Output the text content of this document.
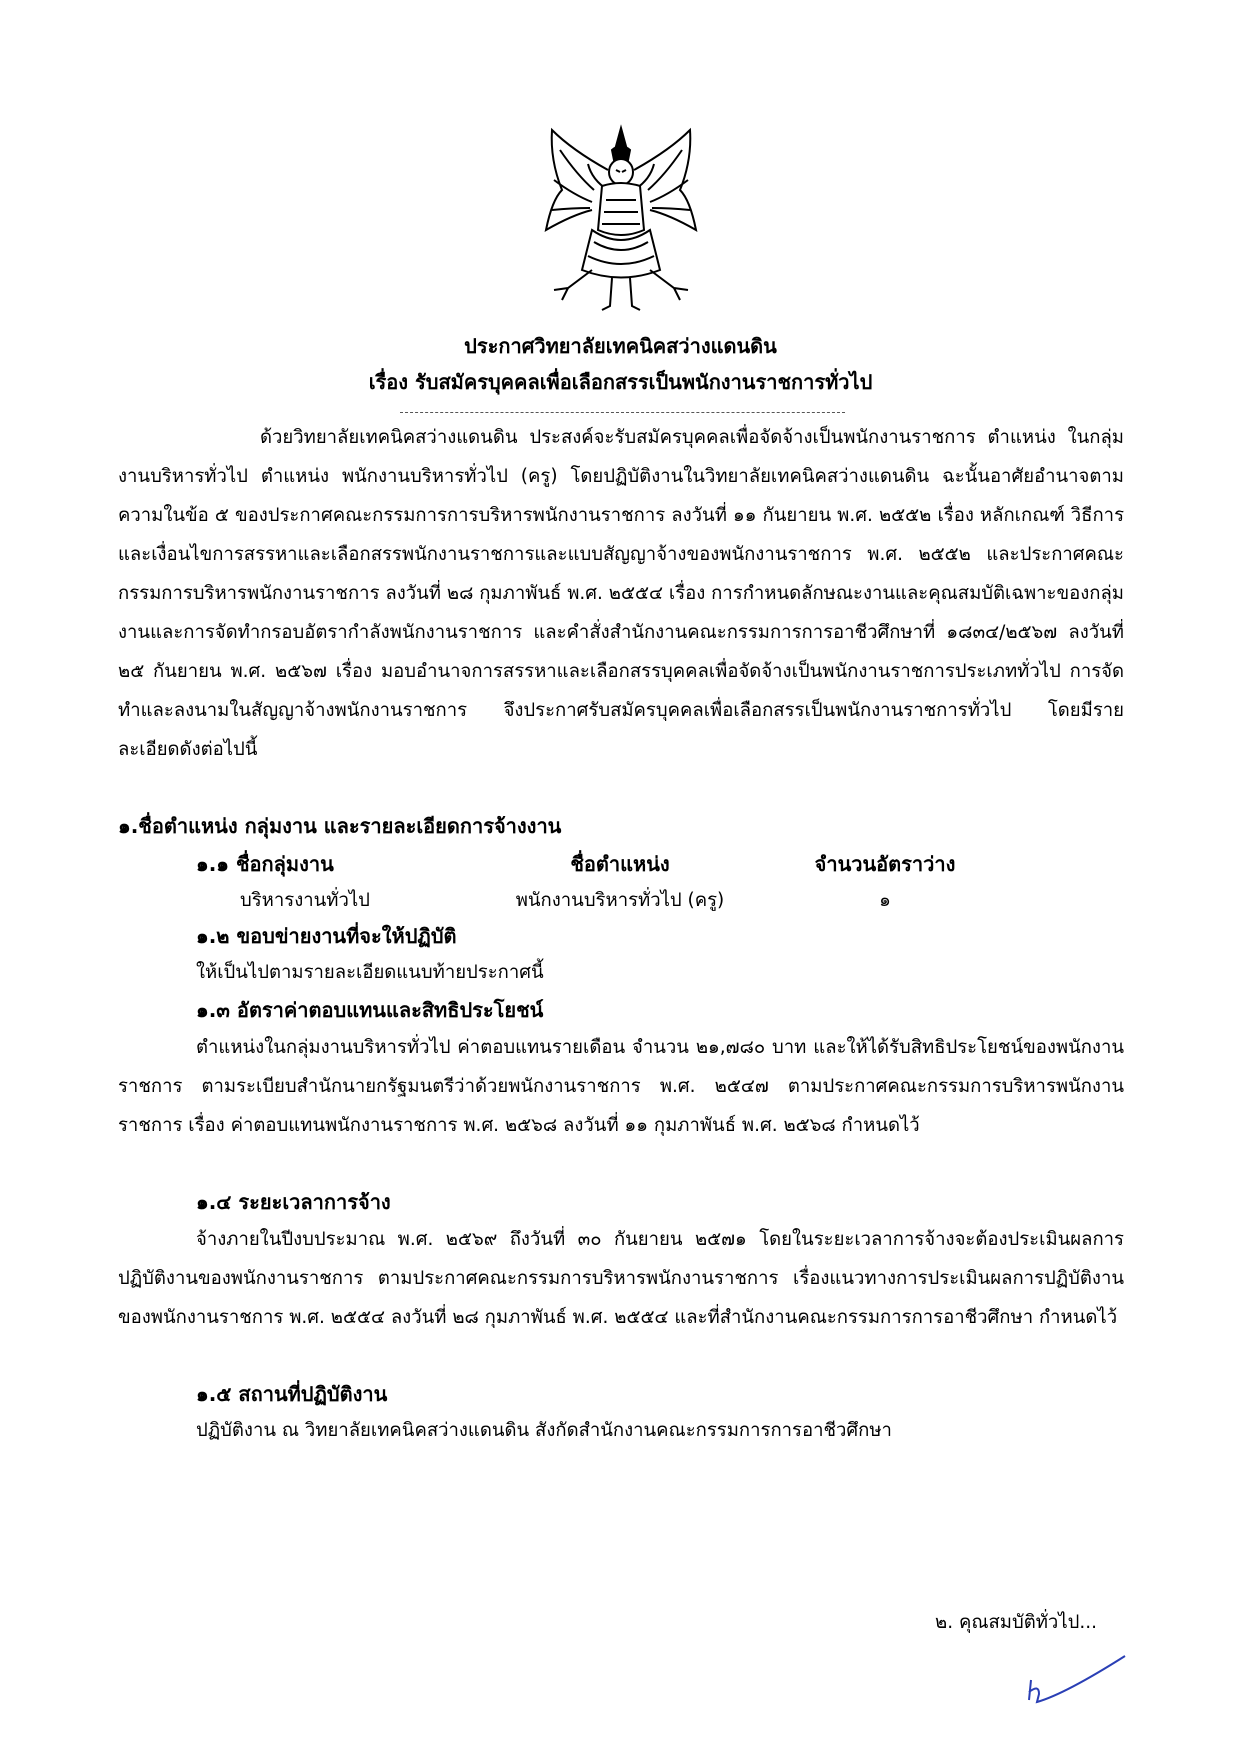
ประกาศวิทยาลัยเทคนิคสว่างแดนดิน
เรื่อง รับสมัครบุคคลเพื่อเลือกสรรเป็นพนักงานราชการทั่วไป
ด้วยวิทยาลัยเทคนิคสว่างแดนดิน ประสงค์จะรับสมัครบุคคลเพื่อจัดจ้างเป็นพนักงานราชการ ตำแหน่ง ในกลุ่มงานบริหารทั่วไป ตำแหน่ง พนักงานบริหารทั่วไป (ครู) โดยปฏิบัติงานในวิทยาลัยเทคนิคสว่างแดนดิน ฉะนั้นอาศัยอำนาจตามความในข้อ ๕ ของประกาศคณะกรรมการการบริหารพนักงานราชการ ลงวันที่ ๑๑ กันยายน พ.ศ. ๒๕๕๒ เรื่อง หลักเกณฑ์ วิธีการ และเงื่อนไขการสรรหาและเลือกสรรพนักงานราชการและแบบสัญญาจ้างของพนักงานราชการ พ.ศ. ๒๕๕๒ และประกาศคณะกรรมการบริหารพนักงานราชการ ลงวันที่ ๒๘ กุมภาพันธ์ พ.ศ. ๒๕๕๔ เรื่อง การกำหนดลักษณะงานและคุณสมบัติเฉพาะของกลุ่มงานและการจัดทำกรอบอัตรากำลังพนักงานราชการ และคำสั่งสำนักงานคณะกรรมการการอาชีวศึกษาที่ ๑๘๓๔/๒๕๖๗ ลงวันที่ ๒๕ กันยายน พ.ศ. ๒๕๖๗ เรื่อง มอบอำนาจการสรรหาและเลือกสรรบุคคลเพื่อจัดจ้างเป็นพนักงานราชการประเภททั่วไป การจัดทำและลงนามในสัญญาจ้างพนักงานราชการ จึงประกาศรับสมัครบุคคลเพื่อเลือกสรรเป็นพนักงานราชการทั่วไป โดยมีรายละเอียดดังต่อไปนี้
๑.ชื่อตำแหน่ง กลุ่มงาน และรายละเอียดการจ้างงาน
๑.๑ ชื่อกลุ่มงาน	ชื่อตำแหน่ง	จำนวนอัตราว่าง
บริหารงานทั่วไป	พนักงานบริหารทั่วไป (ครู)	๑
๑.๒ ขอบข่ายงานที่จะให้ปฏิบัติ
ให้เป็นไปตามรายละเอียดแนบท้ายประกาศนี้
๑.๓ อัตราค่าตอบแทนและสิทธิประโยชน์
ตำแหน่งในกลุ่มงานบริหารทั่วไป ค่าตอบแทนรายเดือน จำนวน ๒๑,๗๘๐ บาท และให้ได้รับสิทธิประโยชน์ของพนักงานราชการ ตามระเบียบสำนักนายกรัฐมนตรีว่าด้วยพนักงานราชการ พ.ศ. ๒๕๔๗ ตามประกาศคณะกรรมการบริหารพนักงานราชการ เรื่อง ค่าตอบแทนพนักงานราชการ พ.ศ. ๒๕๖๘ ลงวันที่ ๑๑ กุมภาพันธ์ พ.ศ. ๒๕๖๘ กำหนดไว้
๑.๔ ระยะเวลาการจ้าง
จ้างภายในปีงบประมาณ พ.ศ. ๒๕๖๙ ถึงวันที่ ๓๐ กันยายน ๒๕๗๑ โดยในระยะเวลาการจ้างจะต้องประเมินผลการปฏิบัติงานของพนักงานราชการ ตามประกาศคณะกรรมการบริหารพนักงานราชการ เรื่องแนวทางการประเมินผลการปฏิบัติงานของพนักงานราชการ พ.ศ. ๒๕๕๔ ลงวันที่ ๒๘ กุมภาพันธ์ พ.ศ. ๒๕๕๔ และที่สำนักงานคณะกรรมการการอาชีวศึกษา กำหนดไว้
๑.๕ สถานที่ปฏิบัติงาน
ปฏิบัติงาน ณ วิทยาลัยเทคนิคสว่างแดนดิน สังกัดสำนักงานคณะกรรมการการอาชีวศึกษา
๒. คุณสมบัติทั่วไป...
